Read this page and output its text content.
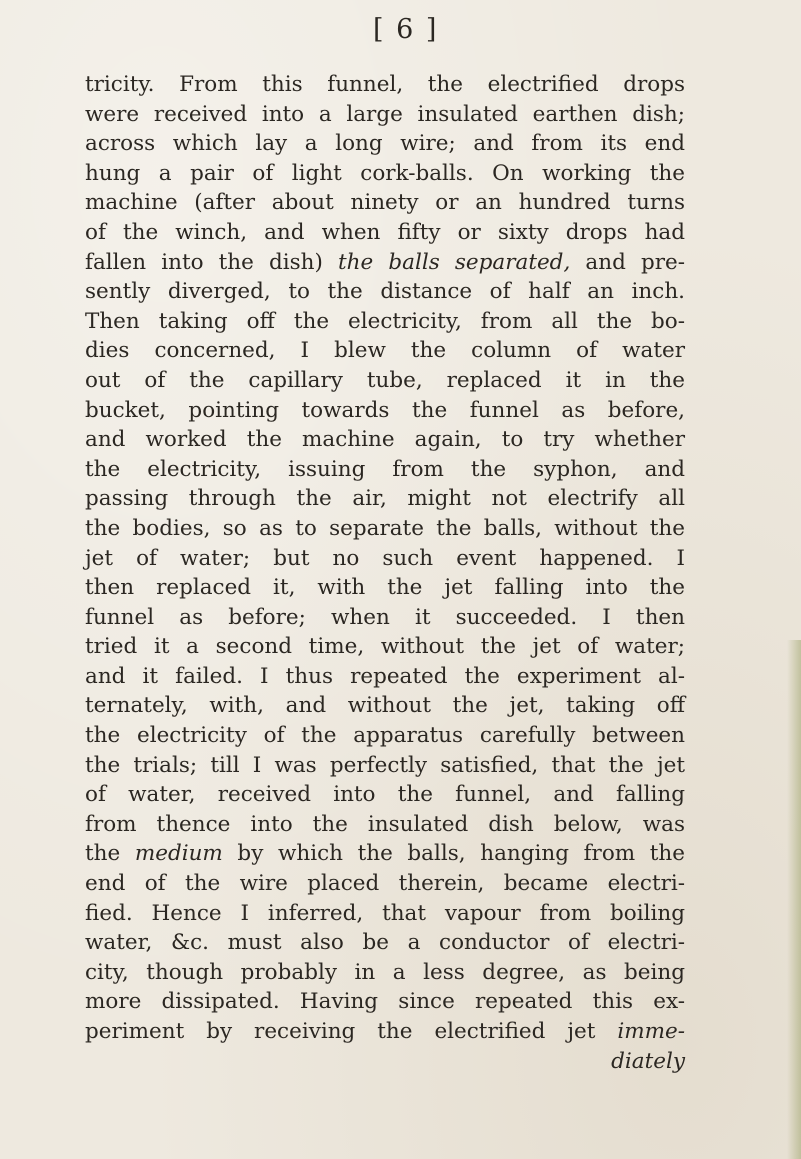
[ 6 ]
tricity. From this funnel, the electrified drops
were received into a large insulated earthen dish;
across which lay a long wire; and from its end
hung a pair of light cork-balls. On working the
machine (after about ninety or an hundred turns
of the winch, and when fifty or sixty drops had
fallen into the dish) the balls separated, and pre-
sently diverged, to the distance of half an inch.
Then taking off the electricity, from all the bo-
dies concerned, I blew the column of water
out of the capillary tube, replaced it in the
bucket, pointing towards the funnel as before,
and worked the machine again, to try whether
the electricity, issuing from the syphon, and
passing through the air, might not electrify all
the bodies, so as to separate the balls, without the
jet of water; but no such event happened. I
then replaced it, with the jet falling into the
funnel as before; when it succeeded. I then
tried it a second time, without the jet of water;
and it failed. I thus repeated the experiment al-
ternately, with, and without the jet, taking off
the electricity of the apparatus carefully between
the trials; till I was perfectly satisfied, that the jet
of water, received into the funnel, and falling
from thence into the insulated dish below, was
the medium by which the balls, hanging from the
end of the wire placed therein, became electri-
fied. Hence I inferred, that vapour from boiling
water, &c. must also be a conductor of electri-
city, though probably in a less degree, as being
more dissipated. Having since repeated this ex-
periment by receiving the electrified jet imme-
diately
